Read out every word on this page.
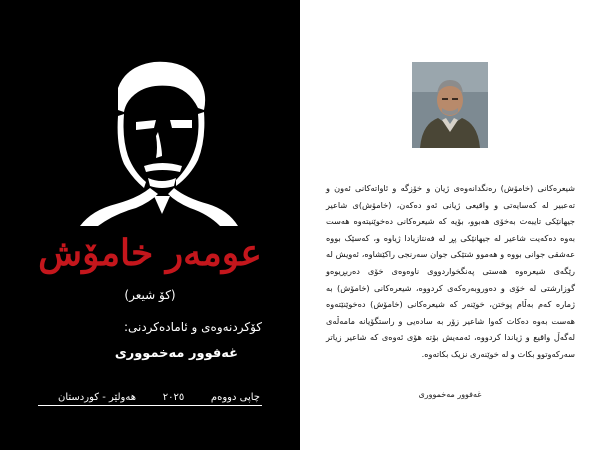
عومەر خامۆش
(کۆ شیعر)
کۆکردنەوەی و ئامادەکردنی:
غەفوور مەخمووری
چاپی دووەم
٢٠٢٥
هەولێر - کوردستان

شیعرەکانی (خامۆش) رەنگدانەوەی ژیان و خۆزگە و ئاواتەکانی ئەون و تەعبیر لە کەسایەتی و واقیعی ژیانی ئەو دەکەن، (خامۆش)ی شاعیر جیهانێکی تایبەت بەخۆی هەبوو، بۆیە کە شیعرەکانی دەخوێنیتەوە هەست بەوە دەکەیت شاعیر لە جیهانێکی پڕ لە فەنتازیادا ژیاوە و، کەسێک بووە عەشقی جوانی بووە و هەموو شتێکی جوان سەرنجی راکێشاوە، ئەویش لە رێگەی شیعرەوە هەستی پەنگخواردووی ناوەوەی خۆی دەربڕیوەو گوزارشتی لە خۆی و دەوروبەرەکەی کردووە، شیعرەکانی (خامۆش) بە ژمارە کەم بەڵام پوختن، خوێنەر کە شیعرەکانی (خامۆش) دەخوێنێتەوە هەست بەوە دەکات کەوا شاعیر زۆر بە سادەیی و راستگۆیانە مامەڵەی لەگەڵ واقیع و ژیاندا کردووە، ئەمەیش بۆتە هۆی ئەوەی کە شاعیر زیاتر سەرکەوتوو بکات و لە خوێنەری نزیک بکاتەوە.

غەفوور مەخمووری
